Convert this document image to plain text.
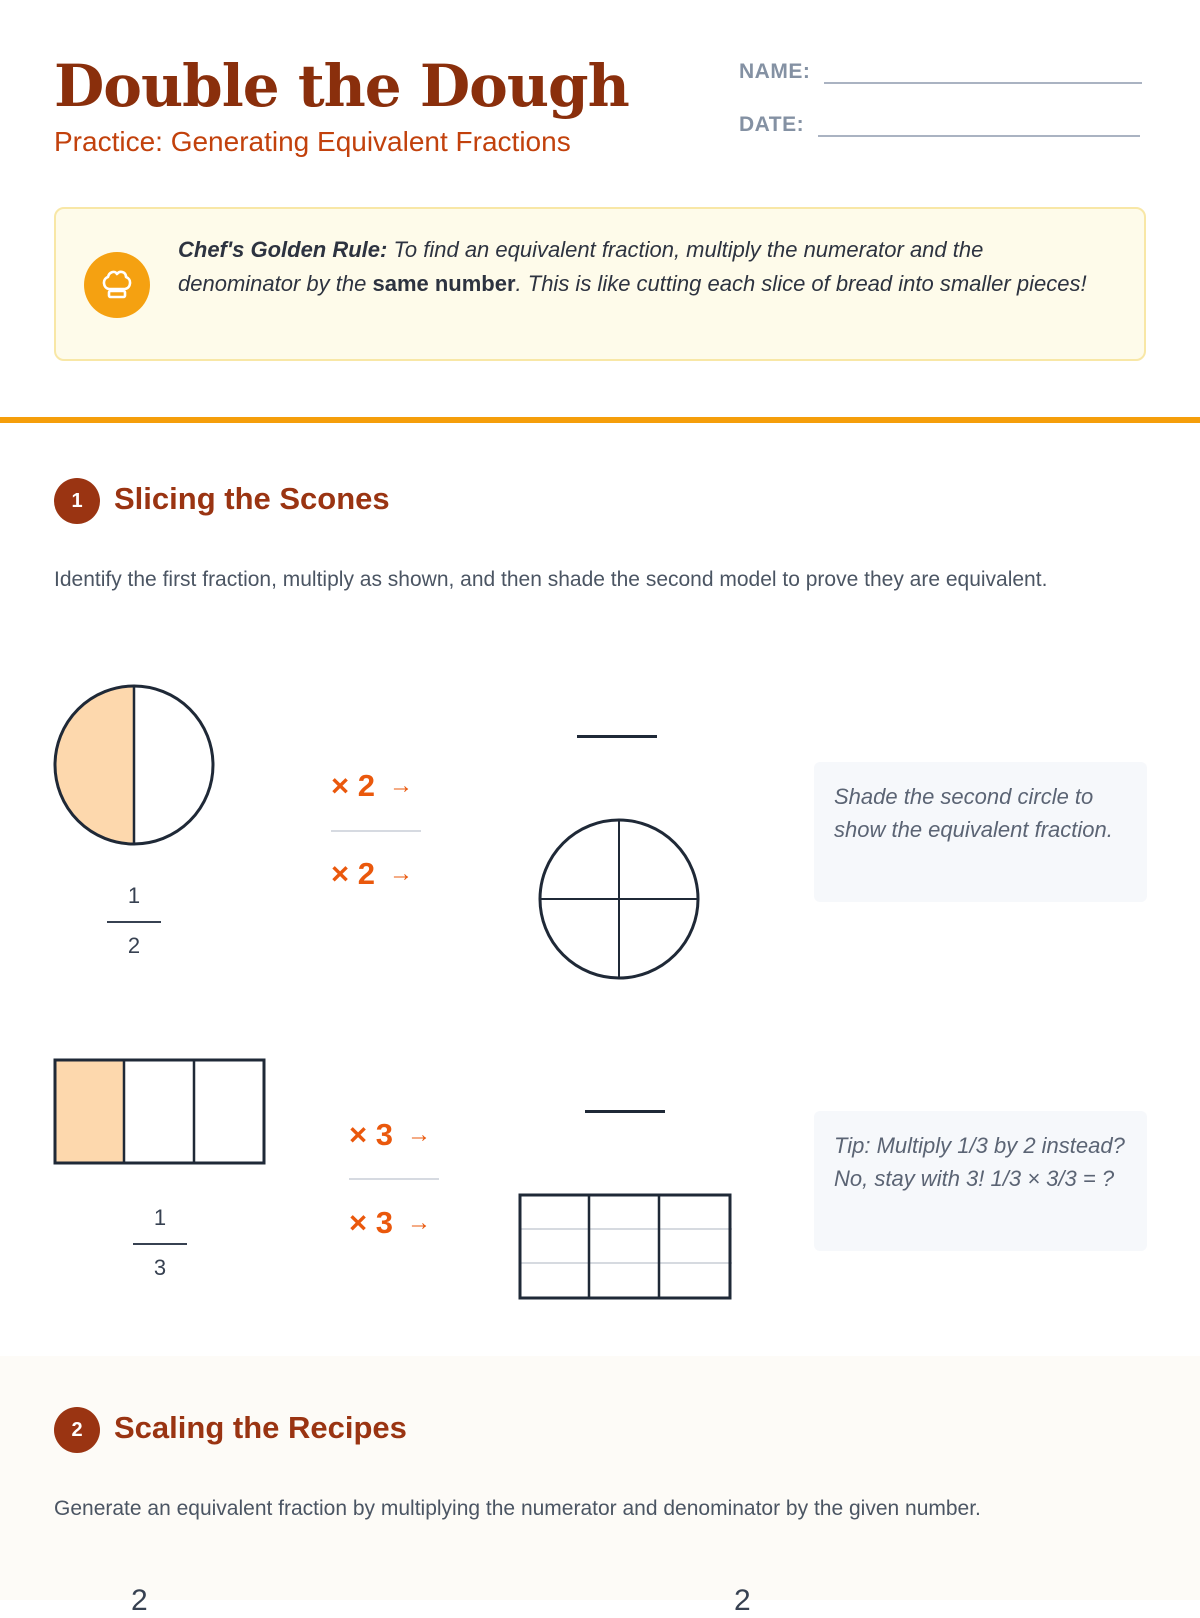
Double the Dough
Practice: Generating Equivalent Fractions
NAME:
DATE:
Chef's Golden Rule: To find an equivalent fraction, multiply the numerator and the denominator by the same number. This is like cutting each slice of bread into smaller pieces!
1	Slicing the Scones
Identify the first fraction, multiply as shown, and then shade the second model to prove they are equivalent.
1
2
× 2 →
× 2 →
Shade the second circle to show the equivalent fraction.
1
3
× 3 →
× 3 →
Tip: Multiply 1/3 by 2 instead? No, stay with 3! 1/3 × 3/3 = ?
2	Scaling the Recipes
Generate an equivalent fraction by multiplying the numerator and denominator by the given number.
2	2
